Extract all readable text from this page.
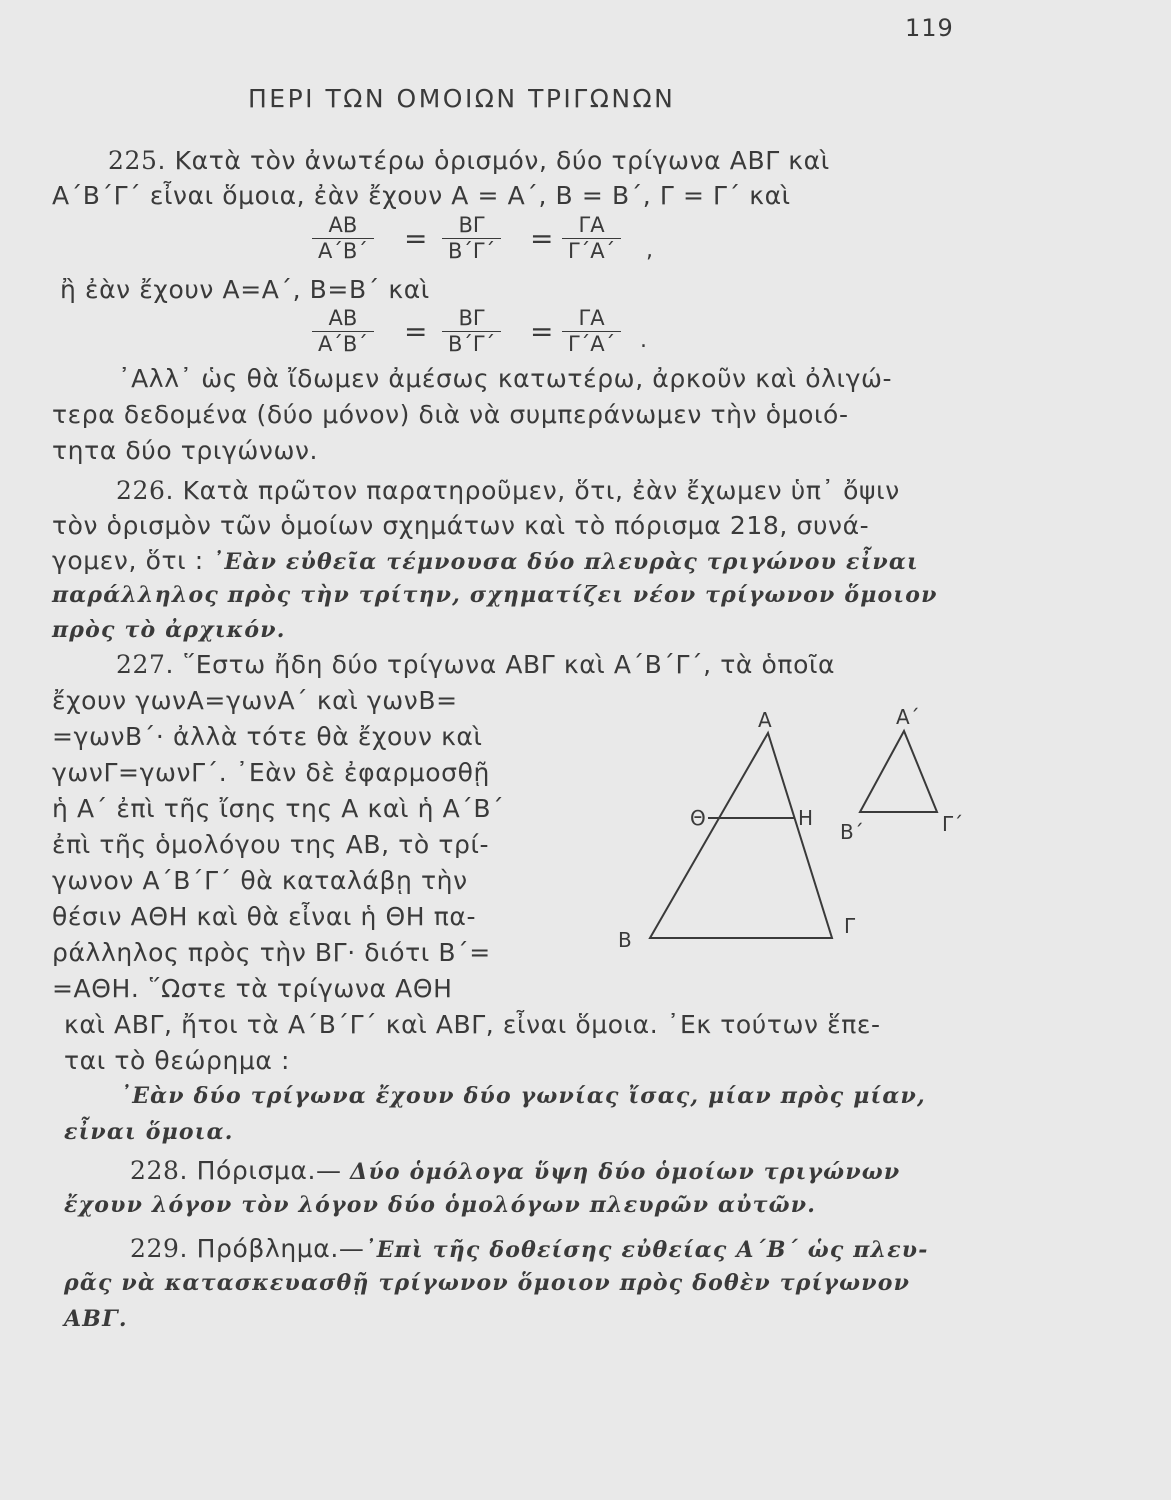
119
ΠΕΡΙ ΤΩΝ ΟΜΟΙΩΝ ΤΡΙΓΩΝΩΝ
225. Κατὰ τὸν ἀνωτέρω ὁρισμόν, δύο τρίγωνα ΑΒΓ καὶ
Α΄Β΄Γ΄ εἶναι ὅμοια, ἐὰν ἔχουν Α = Α΄, Β = Β΄, Γ = Γ΄ καὶ
$\frac{AB}{A΄B΄} = \frac{B\Gamma}{B΄\Gamma΄} = \frac{\Gamma A}{\Gamma΄A΄}$ ,
ἢ ἐὰν ἔχουν Α=Α΄, Β=Β΄ καὶ
$\frac{AB}{A΄B΄} = \frac{B\Gamma}{B΄\Gamma΄} = \frac{\Gamma A}{\Gamma΄A΄}$ .
᾿Αλλ᾿ ὡς θὰ ἴδωμεν ἀμέσως κατωτέρω, ἀρκοῦν καὶ ὀλιγώ-
τερα δεδομένα (δύο μόνον) διὰ νὰ συμπεράνωμεν τὴν ὁμοιό-
τητα δύο τριγώνων.
226. Κατὰ πρῶτον παρατηροῦμεν, ὅτι, ἐὰν ἔχωμεν ὑπ᾿ ὄψιν
τὸν ὁρισμὸν τῶν ὁμοίων σχημάτων καὶ τὸ πόρισμα 218, συνά-
γομεν, ὅτι : ᾿Εὰν εὐθεῖα τέμνουσα δύο πλευρὰς τριγώνου εἶναι
παράλληλος πρὸς τὴν τρίτην, σχηματίζει νέον τρίγωνον ὅμοιον
πρὸς τὸ ἀρχικόν.
227. ῞Εστω ἤδη δύο τρίγωνα ΑΒΓ καὶ Α΄Β΄Γ΄, τὰ ὁποῖα
ἔχουν γωνΑ=γωνΑ΄ καὶ γωνΒ=
=γωνΒ΄· ἀλλὰ τότε θὰ ἔχουν καὶ
γωνΓ=γωνΓ΄. ᾿Εὰν δὲ ἐφαρμοσθῇ
ἡ Α΄ ἐπὶ τῆς ἴσης της Α καὶ ἡ Α΄Β΄
ἐπὶ τῆς ὁμολόγου της ΑΒ, τὸ τρί-
γωνον Α΄Β΄Γ΄ θὰ καταλάβῃ τὴν
θέσιν ΑΘΗ καὶ θὰ εἶναι ἡ ΘΗ πα-
ράλληλος πρὸς τὴν ΒΓ· διότι Β΄=
=ΑΘΗ. ῞Ωστε τὰ τρίγωνα ΑΘΗ
καὶ ΑΒΓ, ἤτοι τὰ Α΄Β΄Γ΄ καὶ ΑΒΓ, εἶναι ὅμοια. ᾿Εκ τούτων ἕπε-
ται τὸ θεώρημα :
᾿Εὰν δύο τρίγωνα ἔχουν δύο γωνίας ἴσας, μίαν πρὸς μίαν,
εἶναι ὅμοια.
228. Πόρισμα.— Δύο ὁμόλογα ὕψη δύο ὁμοίων τριγώνων
ἔχουν λόγον τὸν λόγον δύο ὁμολόγων πλευρῶν αὐτῶν.
229. Πρόβλημα.—᾿Επὶ τῆς δοθείσης εὐθείας Α΄Β΄ ὡς πλευ-
ρᾶς νὰ κατασκευασθῇ τρίγωνον ὅμοιον πρὸς δοθὲν τρίγωνον
ΑΒΓ.
Α
Θ	Η
Β
Γ
Α΄
Β΄	Γ΄
